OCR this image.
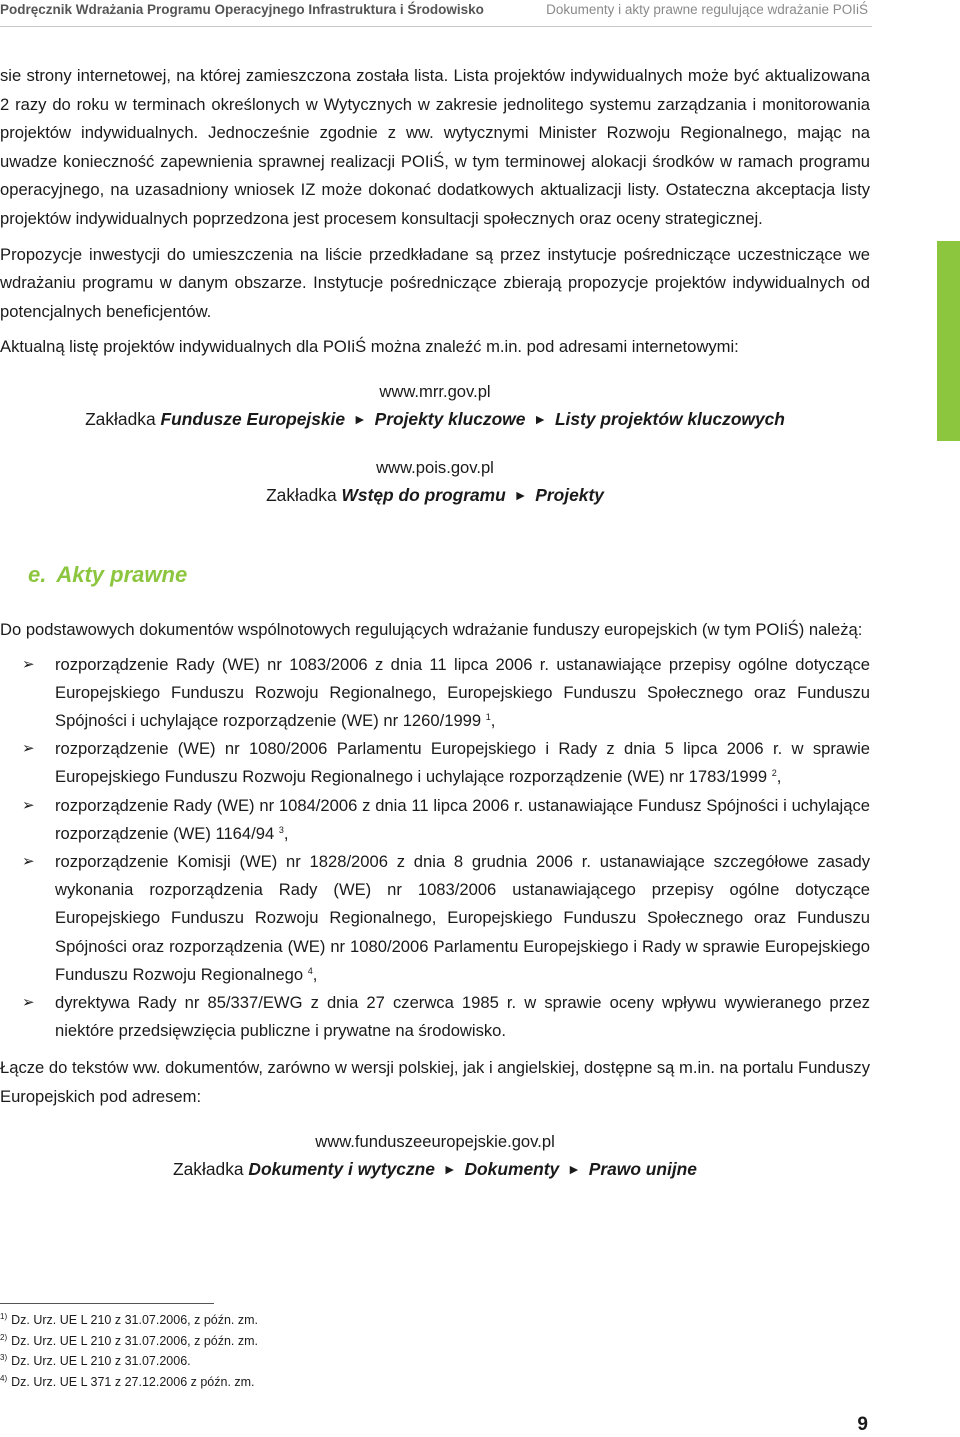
Podręcznik Wdrażania Programu Operacyjnego Infrastruktura i Środowisko	Dokumenty i akty prawne regulujące wdrażanie POIiŚ

sie strony internetowej, na której zamieszczona została lista. Lista projektów indywidualnych może być aktualizowana 2 razy do roku w terminach określonych w Wytycznych w zakresie jednolitego systemu zarządzania i monitorowania projektów indywidualnych. Jednocześnie zgodnie z ww. wytycznymi Minister Rozwoju Regionalnego, mając na uwadze konieczność zapewnienia sprawnej realizacji POIiŚ, w tym terminowej alokacji środków w ramach programu operacyjnego, na uzasadniony wniosek IZ może dokonać dodatkowych aktualizacji listy. Ostateczna akceptacja listy projektów indywidualnych poprzedzona jest procesem konsultacji społecznych oraz oceny strategicznej.

Propozycje inwestycji do umieszczenia na liście przedkładane są przez instytucje pośredniczące uczestniczące we wdrażaniu programu w danym obszarze. Instytucje pośredniczące zbierają propozycje projektów indywidualnych od potencjalnych beneficjentów.

Aktualną listę projektów indywidualnych dla POIiŚ można znaleźć m.in. pod adresami internetowymi:

www.mrr.gov.pl
Zakładka Fundusze Europejskie ► Projekty kluczowe ► Listy projektów kluczowych
www.pois.gov.pl
Zakładka Wstęp do programu ► Projekty
e. Akty prawne

Do podstawowych dokumentów wspólnotowych regulujących wdrażanie funduszy europejskich (w tym POIiŚ) należą:

➢ rozporządzenie Rady (WE) nr 1083/2006 z dnia 11 lipca 2006 r. ustanawiające przepisy ogólne dotyczące Europejskiego Funduszu Rozwoju Regionalnego, Europejskiego Funduszu Społecznego oraz Funduszu Spójności i uchylające rozporządzenie (WE) nr 1260/1999 $^1$,
➢ rozporządzenie (WE) nr 1080/2006 Parlamentu Europejskiego i Rady z dnia 5 lipca 2006 r. w sprawie Europejskiego Funduszu Rozwoju Regionalnego i uchylające rozporządzenie (WE) nr 1783/1999 $^2$,
➢ rozporządzenie Rady (WE) nr 1084/2006 z dnia 11 lipca 2006 r. ustanawiające Fundusz Spójności i uchylające rozporządzenie (WE) 1164/94 $^3$,
➢ rozporządzenie Komisji (WE) nr 1828/2006 z dnia 8 grudnia 2006 r. ustanawiające szczegółowe zasady wykonania rozporządzenia Rady (WE) nr 1083/2006 ustanawiającego przepisy ogólne dotyczące Europejskiego Funduszu Rozwoju Regionalnego, Europejskiego Funduszu Społecznego oraz Funduszu Spójności oraz rozporządzenia (WE) nr 1080/2006 Parlamentu Europejskiego i Rady w sprawie Europejskiego Funduszu Rozwoju Regionalnego $^4$,
➢ dyrektywa Rady nr 85/337/EWG z dnia 27 czerwca 1985 r. w sprawie oceny wpływu wywieranego przez niektóre przedsięwzięcia publiczne i prywatne na środowisko.

Łącze do tekstów ww. dokumentów, zarówno w wersji polskiej, jak i angielskiej, dostępne są m.in. na portalu Funduszy Europejskich pod adresem:

www.funduszeeuropejskie.gov.pl
Zakładka Dokumenty i wytyczne ► Dokumenty ► Prawo unijne
$^{1)}$ Dz. Urz. UE L 210 z 31.07.2006, z późn. zm.
$^{2)}$ Dz. Urz. UE L 210 z 31.07.2006, z późn. zm.
$^{3)}$ Dz. Urz. UE L 210 z 31.07.2006.
$^{4)}$ Dz. Urz. UE L 371 z 27.12.2006 z późn. zm.
9
